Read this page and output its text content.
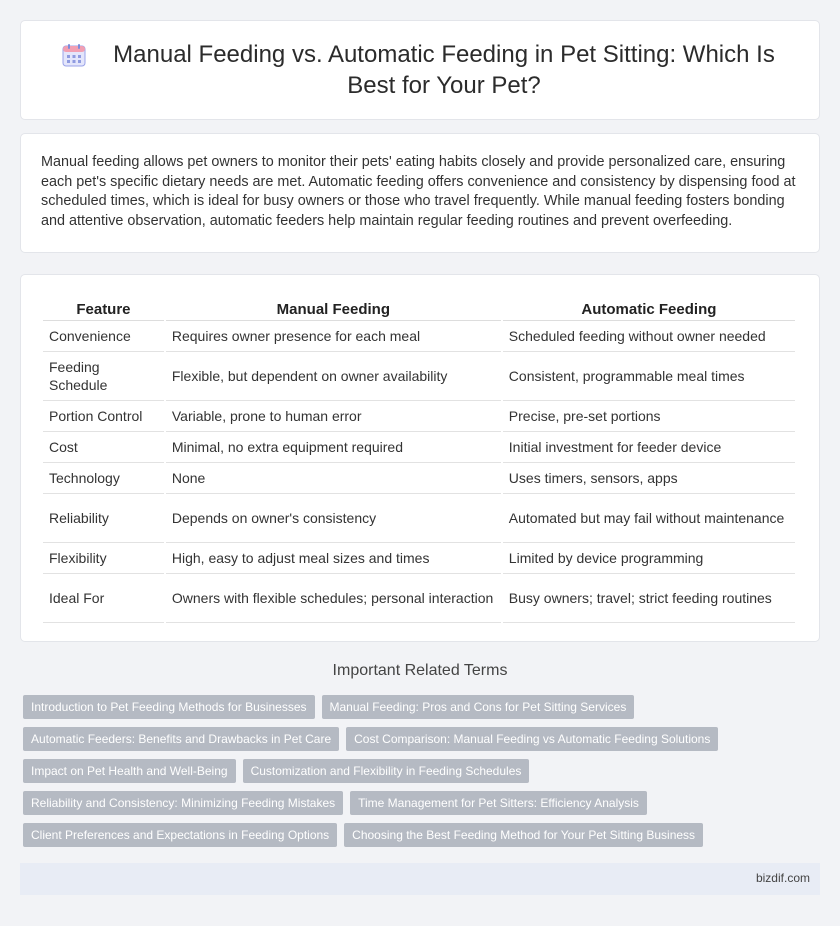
Manual Feeding vs. Automatic Feeding in Pet Sitting: Which Is Best for Your Pet?

Manual feeding allows pet owners to monitor their pets' eating habits closely and provide personalized care, ensuring each pet's specific dietary needs are met. Automatic feeding offers convenience and consistency by dispensing food at scheduled times, which is ideal for busy owners or those who travel frequently. While manual feeding fosters bonding and attentive observation, automatic feeders help maintain regular feeding routines and prevent overfeeding.

Feature	Manual Feeding	Automatic Feeding
Convenience	Requires owner presence for each meal	Scheduled feeding without owner needed
Feeding Schedule	Flexible, but dependent on owner availability	Consistent, programmable meal times
Portion Control	Variable, prone to human error	Precise, pre-set portions
Cost	Minimal, no extra equipment required	Initial investment for feeder device
Technology	None	Uses timers, sensors, apps
Reliability	Depends on owner's consistency	Automated but may fail without maintenance
Flexibility	High, easy to adjust meal sizes and times	Limited by device programming
Ideal For	Owners with flexible schedules; personal interaction	Busy owners; travel; strict feeding routines
Important Related Terms
Introduction to Pet Feeding Methods for Businesses	Manual Feeding: Pros and Cons for Pet Sitting Services
Automatic Feeders: Benefits and Drawbacks in Pet Care	Cost Comparison: Manual Feeding vs Automatic Feeding Solutions
Impact on Pet Health and Well-Being	Customization and Flexibility in Feeding Schedules
Reliability and Consistency: Minimizing Feeding Mistakes	Time Management for Pet Sitters: Efficiency Analysis
Client Preferences and Expectations in Feeding Options	Choosing the Best Feeding Method for Your Pet Sitting Business
bizdif.com
